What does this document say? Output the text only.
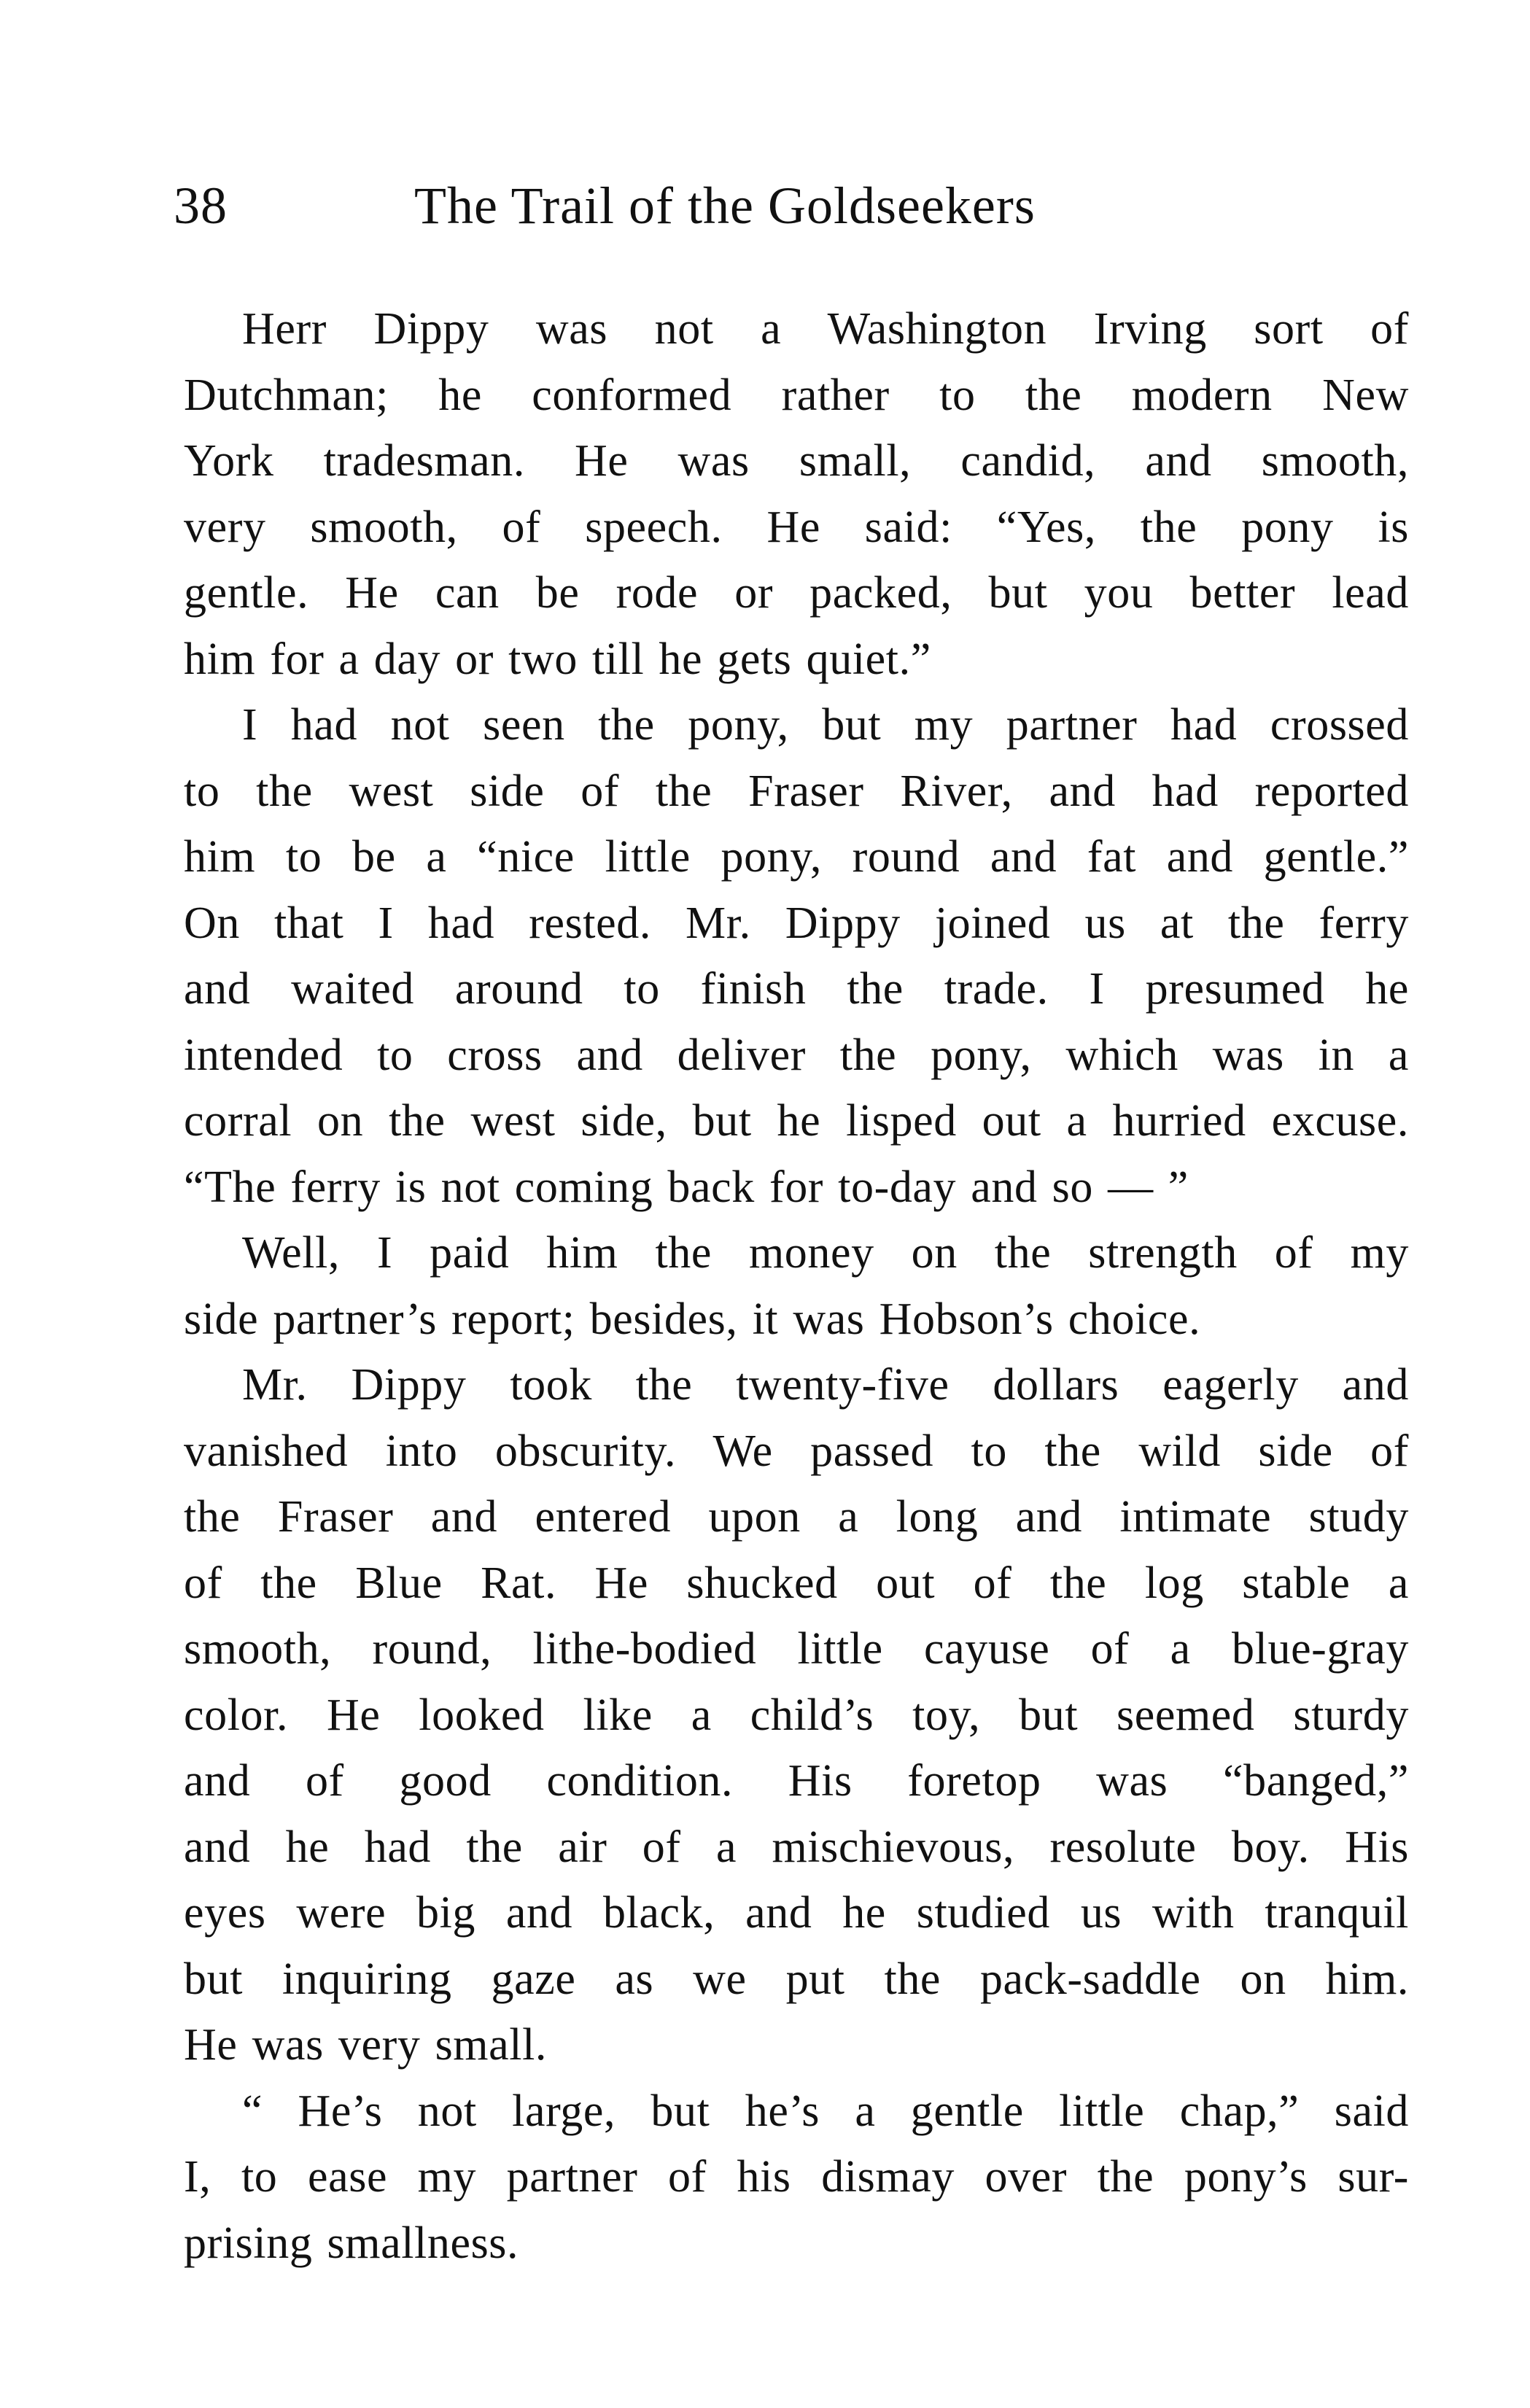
38	The Trail of the Goldseekers
Herr Dippy was not a Washington Irving sort of
Dutchman; he conformed rather to the modern New
York tradesman. He was small, candid, and smooth,
very smooth, of speech. He said: “Yes, the pony is
gentle. He can be rode or packed, but you better lead
him for a day or two till he gets quiet.”
I had not seen the pony, but my partner had crossed
to the west side of the Fraser River, and had reported
him to be a “nice little pony, round and fat and gentle.”
On that I had rested. Mr. Dippy joined us at the ferry
and waited around to finish the trade. I presumed he
intended to cross and deliver the pony, which was in a
corral on the west side, but he lisped out a hurried excuse.
“The ferry is not coming back for to-day and so — ”
Well, I paid him the money on the strength of my
side partner’s report; besides, it was Hobson’s choice.
Mr. Dippy took the twenty-five dollars eagerly and
vanished into obscurity. We passed to the wild side of
the Fraser and entered upon a long and intimate study
of the Blue Rat. He shucked out of the log stable a
smooth, round, lithe-bodied little cayuse of a blue-gray
color. He looked like a child’s toy, but seemed sturdy
and of good condition. His foretop was “banged,”
and he had the air of a mischievous, resolute boy. His
eyes were big and black, and he studied us with tranquil
but inquiring gaze as we put the pack-saddle on him.
He was very small.
“ He’s not large, but he’s a gentle little chap,” said
I, to ease my partner of his dismay over the pony’s sur-
prising smallness.
